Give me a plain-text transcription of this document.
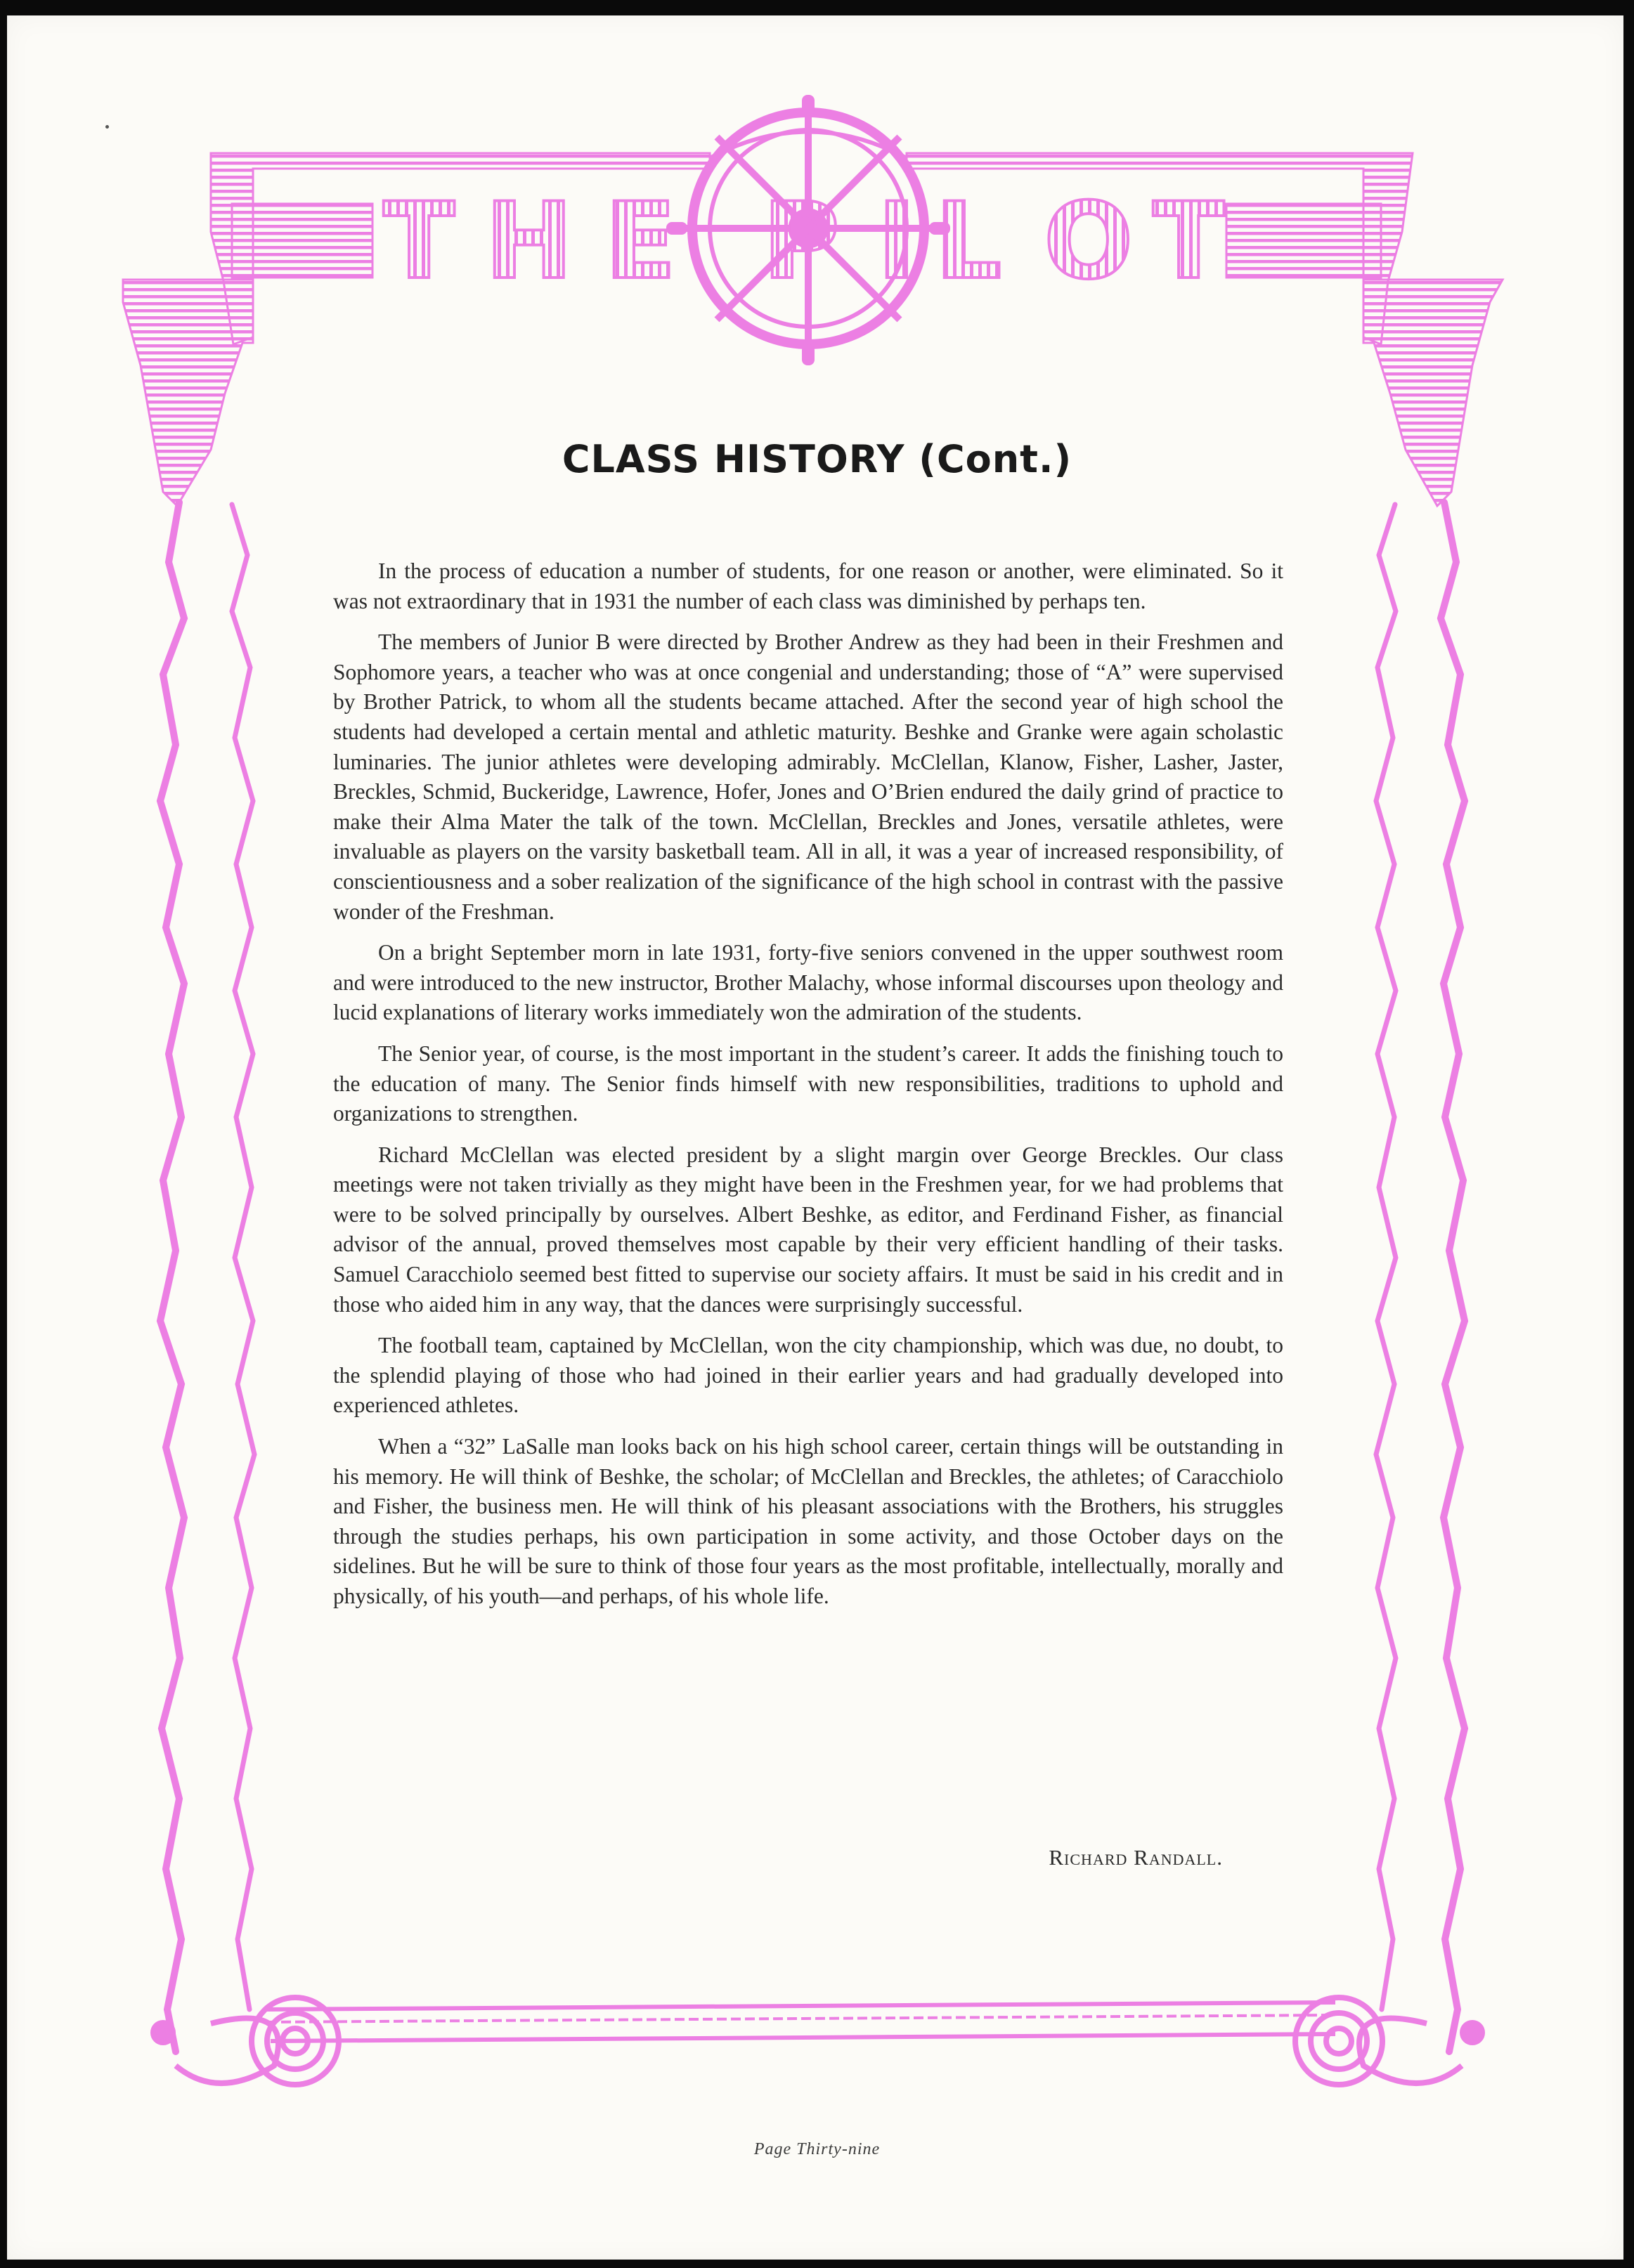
T H E P I L O T
CLASS HISTORY (Cont.)

In the process of education a number of students, for one reason or another, were eliminated. So it was not extraordinary that in 1931 the number of each class was diminished by perhaps ten.

The members of Junior B were directed by Brother Andrew as they had been in their Freshmen and Sophomore years, a teacher who was at once congenial and understanding; those of “A” were supervised by Brother Patrick, to whom all the students became attached. After the second year of high school the students had developed a certain mental and athletic maturity. Beshke and Granke were again scholastic luminaries. The junior athletes were developing admirably. McClellan, Klanow, Fisher, Lasher, Jaster, Breckles, Schmid, Buckeridge, Lawrence, Hofer, Jones and O’Brien endured the daily grind of practice to make their Alma Mater the talk of the town. McClellan, Breckles and Jones, versatile athletes, were invaluable as players on the varsity basketball team. All in all, it was a year of increased responsibility, of conscientiousness and a sober realization of the significance of the high school in contrast with the passive wonder of the Freshman.

On a bright September morn in late 1931, forty-five seniors convened in the upper southwest room and were introduced to the new instructor, Brother Malachy, whose informal discourses upon theology and lucid explanations of literary works immediately won the admiration of the students.

The Senior year, of course, is the most important in the student’s career. It adds the finishing touch to the education of many. The Senior finds himself with new responsibilities, traditions to uphold and organizations to strengthen.

Richard McClellan was elected president by a slight margin over George Breckles. Our class meetings were not taken trivially as they might have been in the Freshmen year, for we had problems that were to be solved principally by ourselves. Albert Beshke, as editor, and Ferdinand Fisher, as financial advisor of the annual, proved themselves most capable by their very efficient handling of their tasks. Samuel Caracchiolo seemed best fitted to supervise our society affairs. It must be said in his credit and in those who aided him in any way, that the dances were surprisingly successful.

The football team, captained by McClellan, won the city championship, which was due, no doubt, to the splendid playing of those who had joined in their earlier years and had gradually developed into experienced athletes.

When a “32” LaSalle man looks back on his high school career, certain things will be outstanding in his memory. He will think of Beshke, the scholar; of McClellan and Breckles, the athletes; of Caracchiolo and Fisher, the business men. He will think of his pleasant associations with the Brothers, his struggles through the studies perhaps, his own participation in some activity, and those October days on the sidelines. But he will be sure to think of those four years as the most profitable, intellectually, morally and physically, of his youth—and perhaps, of his whole life.

Richard Randall.
Page Thirty-nine
